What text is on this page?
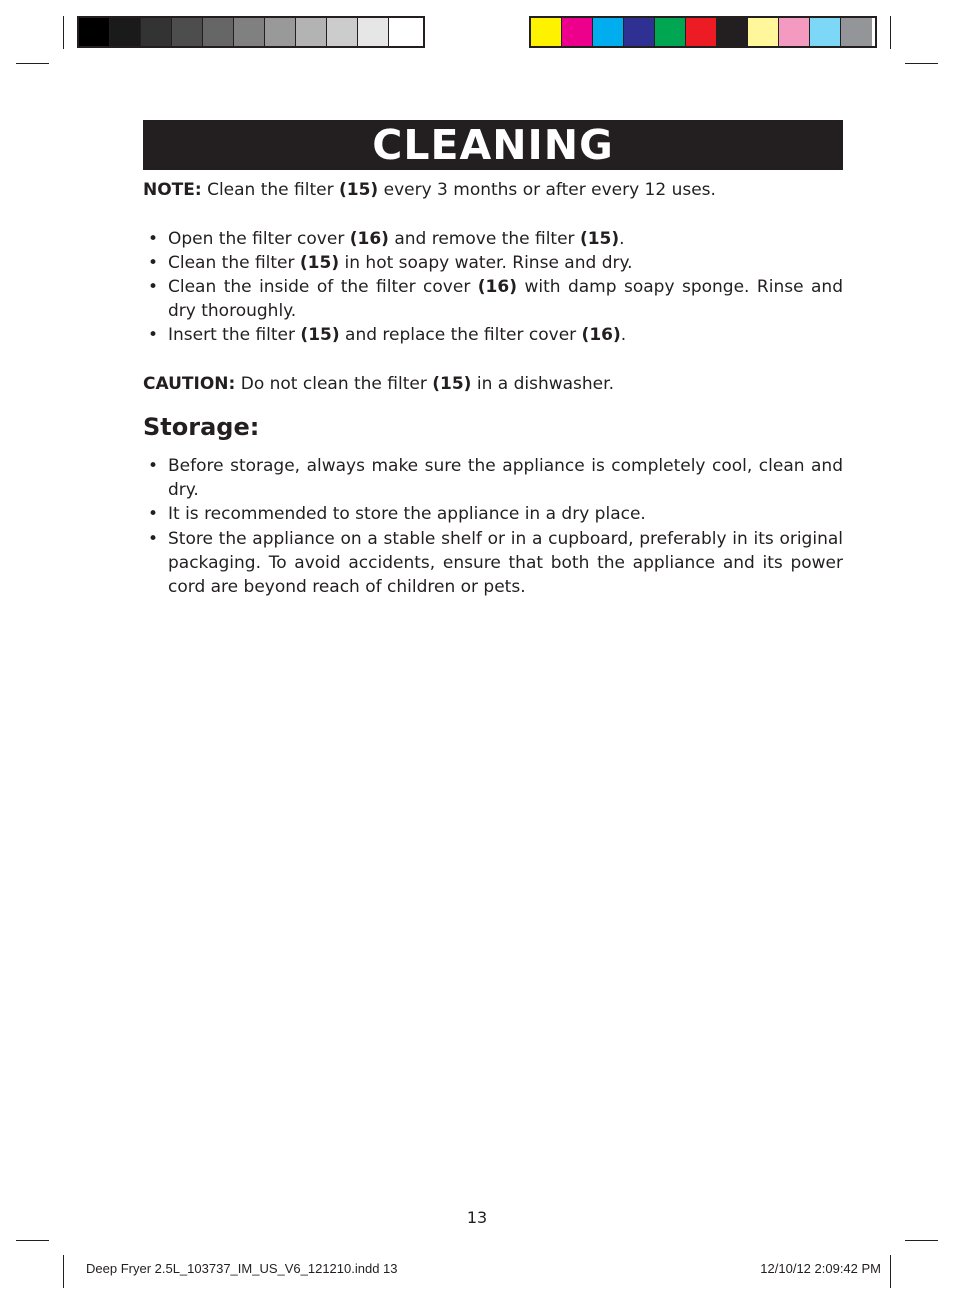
CLEANING
NOTE: Clean the filter (15) every 3 months or after every 12 uses.
• Open the filter cover (16) and remove the filter (15).
• Clean the filter (15) in hot soapy water. Rinse and dry.
• Clean the inside of the filter cover (16) with damp soapy sponge. Rinse and dry thoroughly.
• Insert the filter (15) and replace the filter cover (16).
CAUTION: Do not clean the filter (15) in a dishwasher.
Storage:
• Before storage, always make sure the appliance is completely cool, clean and dry.
• It is recommended to store the appliance in a dry place.
• Store the appliance on a stable shelf or in a cupboard, preferably in its original packaging. To avoid accidents, ensure that both the appliance and its power cord are beyond reach of children or pets.
13
Deep Fryer 2.5L_103737_IM_US_V6_121210.indd 13	12/10/12 2:09:42 PM
